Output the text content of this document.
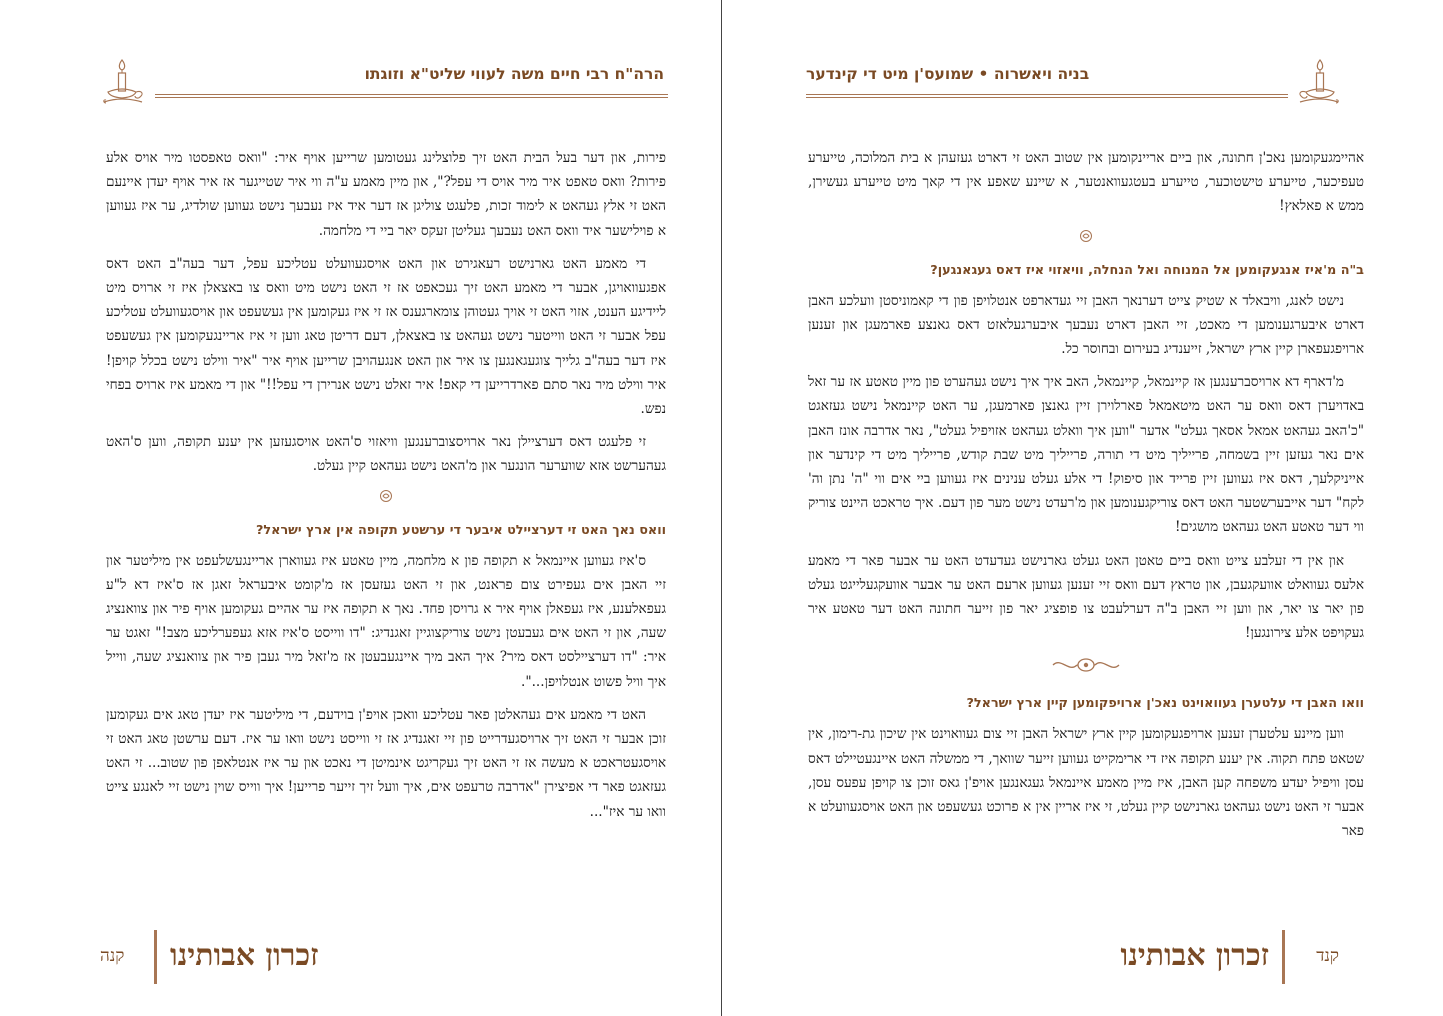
הרה"ח רבי חיים משה לעווי שליט"א וזוגתו

פירות, און דער בעל הבית האט זיך פלוצלינג געטומען שרייען אויף איר: "וואס טאפסטו מיר אויס אלע פירות? וואס טאפט איר מיר אויס די עפל?", און מיין מאמע ע"ה ווי איר שטייגער אז איר אויף יעדן איינעם האט זי אלץ געהאט א לימוד זכות, פלעגט צוליגן אז דער איד איז נעבעך נישט געווען שולדיג, ער איז געווען א פוילישער איד וואס האט נעבעך געליטן זעקס יאר ביי די מלחמה.

די מאמע האט גארנישט רעאגירט און האט אויסגעוועלט עטליכע עפל, דער בעה"ב האט דאס אפגעוואויגן, אבער די מאמע האט זיך געכאפט אז זי האט נישט מיט וואס צו באצאלן איז זי ארויס מיט ליידיגע הענט, אזוי האט זי אויך געטוהן צומארגענס אז זי איז געקומען אין געשעפט און אויסגעוועלט עטליכע עפל אבער זי האט ווייטער נישט געהאט צו באצאלן, דעם דריטן טאג ווען זי איז אריינגעקומען אין געשעפט איז דער בעה"ב גלייך צוגעגאנגען צו איר און האט אנגעהויבן שרייען אויף איר "איר ווילט נישט בכלל קויפן! איר ווילט מיר נאר סתם פארדרייען די קאפ! איר זאלט נישט אנרירן די עפל!!" און די מאמע איז ארויס בפחי נפש.

זי פלעגט דאס דערציילן נאר ארויסצוברענגען וויאזוי ס'האט אויסגעזען אין יענע תקופה, ווען ס'האט געהערשט אזא שווערער הונגער און מ'האט נישט געהאט קיין געלט.

וואס נאך האט זי דערציילט איבער די ערשטע תקופה אין ארץ ישראל?

ס'איז געווען איינמאל א תקופה פון א מלחמה, מיין טאטע איז געווארן אריינגעשלעפט אין מיליטער און זיי האבן אים געפירט צום פראנט, און זי האט געזעסן אז מ'קומט איבעראל זאגן אז ס'איז דא ל"ע געפאלענע, איז געפאלן אויף איר א גרויסן פחד. נאך א תקופה איז ער אהיים געקומען אויף פיר און צוואנציג שעה, און זי האט אים געבעטן נישט צוריקצוגיין זאגנדיג: "דו ווייסט ס'איז אזא געפערליכע מצב!" זאגט ער איר: "דו דערציילסט דאס מיר? איך האב מיך איינגעבעטן אז מ'זאל מיר געבן פיר און צוואנציג שעה, ווייל איך וויל פשוט אנטלויפן...".

האט די מאמע אים געהאלטן פאר עטליכע וואכן אויפ'ן בוידעם, די מיליטער איז יעדן טאג אים געקומען זוכן אבער זי האט זיך ארויסגעדרייט פון זיי זאגנדיג אז זי ווייסט נישט וואו ער איז. דעם ערשטן טאג האט זי אויסגעטראכט א מעשה אז זי האט זיך געקריגט אינמיטן די נאכט און ער איז אנטלאפן פון שטוב... זי האט געזאגט פאר די אפיצירן "אדרבה טרעפט אים, איך וועל זיך זייער פרייען! איך ווייס שוין נישט זיי לאנגע צייט וואו ער איז"...

קנה זכרון אבותינו
בניה ויאשרוה • שמועס'ן מיט די קינדער

אהיימגעקומען נאכ'ן חתונה, און ביים אריינקומען אין שטוב האט זי דארט געזעהן א בית המלוכה, טייערע טעפיכער, טייערע טישטוכער, טייערע בעטגעוואנטער, א שיינע שאפע אין די קאך מיט טייערע געשירן, ממש א פאלאץ!

ב"ה מ'איז אנגעקומען אל המנוחה ואל הנחלה, וויאזוי איז דאס געגאנגען?

נישט לאנג, וויבאלד א שטיק צייט דערנאך האבן זיי געדארפט אנטלויפן פון די קאמוניסטן וועלכע האבן דארט איבערגענומען די מאכט, זיי האבן דארט נעבעך איבערגעלאזט דאס גאנצע פארמעגן און זענען ארויפגעפארן קיין ארץ ישראל, זייענדיג בעירום ובחוסר כל.

מ'דארף דא ארויסברענגען אז קיינמאל, קיינמאל, האב איך איך נישט געהערט פון מיין טאטע אז ער זאל באדויערן דאס וואס ער האט מיטאמאל פארלוירן זיין גאנצן פארמעגן, ער האט קיינמאל נישט געזאגט "כ'האב געהאט אמאל אסאך געלט" אדער "ווען איך וואלט געהאט אזויפיל געלט", נאר אדרבה אונז האבן אים נאר געזען זיין בשמחה, פרייליך מיט די תורה, פרייליך מיט שבת קודש, פרייליך מיט די קינדער און אייניקלעך, דאס איז געווען זיין פרייד און סיפוק! די אלע געלט ענינים איז געווען ביי אים ווי "ה' נתן וה' לקח" דער אייבערשטער האט דאס צוריקגענומען און מ'רעדט נישט מער פון דעם. איך טראכט היינט צוריק ווי דער טאטע האט געהאט מושגים!

און אין די זעלבע צייט וואס ביים טאטן האט געלט גארנישט געדעדט האט ער אבער פאר די מאמע אלעס געוואלט אוועקגעבן, און טראץ דעם וואס זיי זענען געווען ארעם האט ער אבער אוועקגעלייגט געלט פון יאר צו יאר, און ווען זיי האבן ב"ה דערלעבט צו פופציג יאר פון זייער חתונה האט דער טאטע איר געקויפט אלע צירונגען!

וואו האבן די עלטערן געוואוינט נאכ'ן ארויפקומען קיין ארץ ישראל?

ווען מיינע עלטערן זענען ארויפגעקומען קיין ארץ ישראל האבן זיי צום געוואוינט אין שיכון גת-רימון, אין שטאט פתח תקוה. אין יענע תקופה איז די ארימקייט געווען זייער שוואך, די ממשלה האט איינגעטיילט דאס עסן וויפיל יעדע משפחה קען האבן, איז מיין מאמע איינמאל געגאנגען אויפ'ן גאס זוכן צו קויפן עפעס עסן, אבער זי האט נישט געהאט גארנישט קיין געלט, זי איז אריין אין א פרוכט געשעפט און האט אויסגעוועלט א פאר

קנד
זכרון אבותינו
